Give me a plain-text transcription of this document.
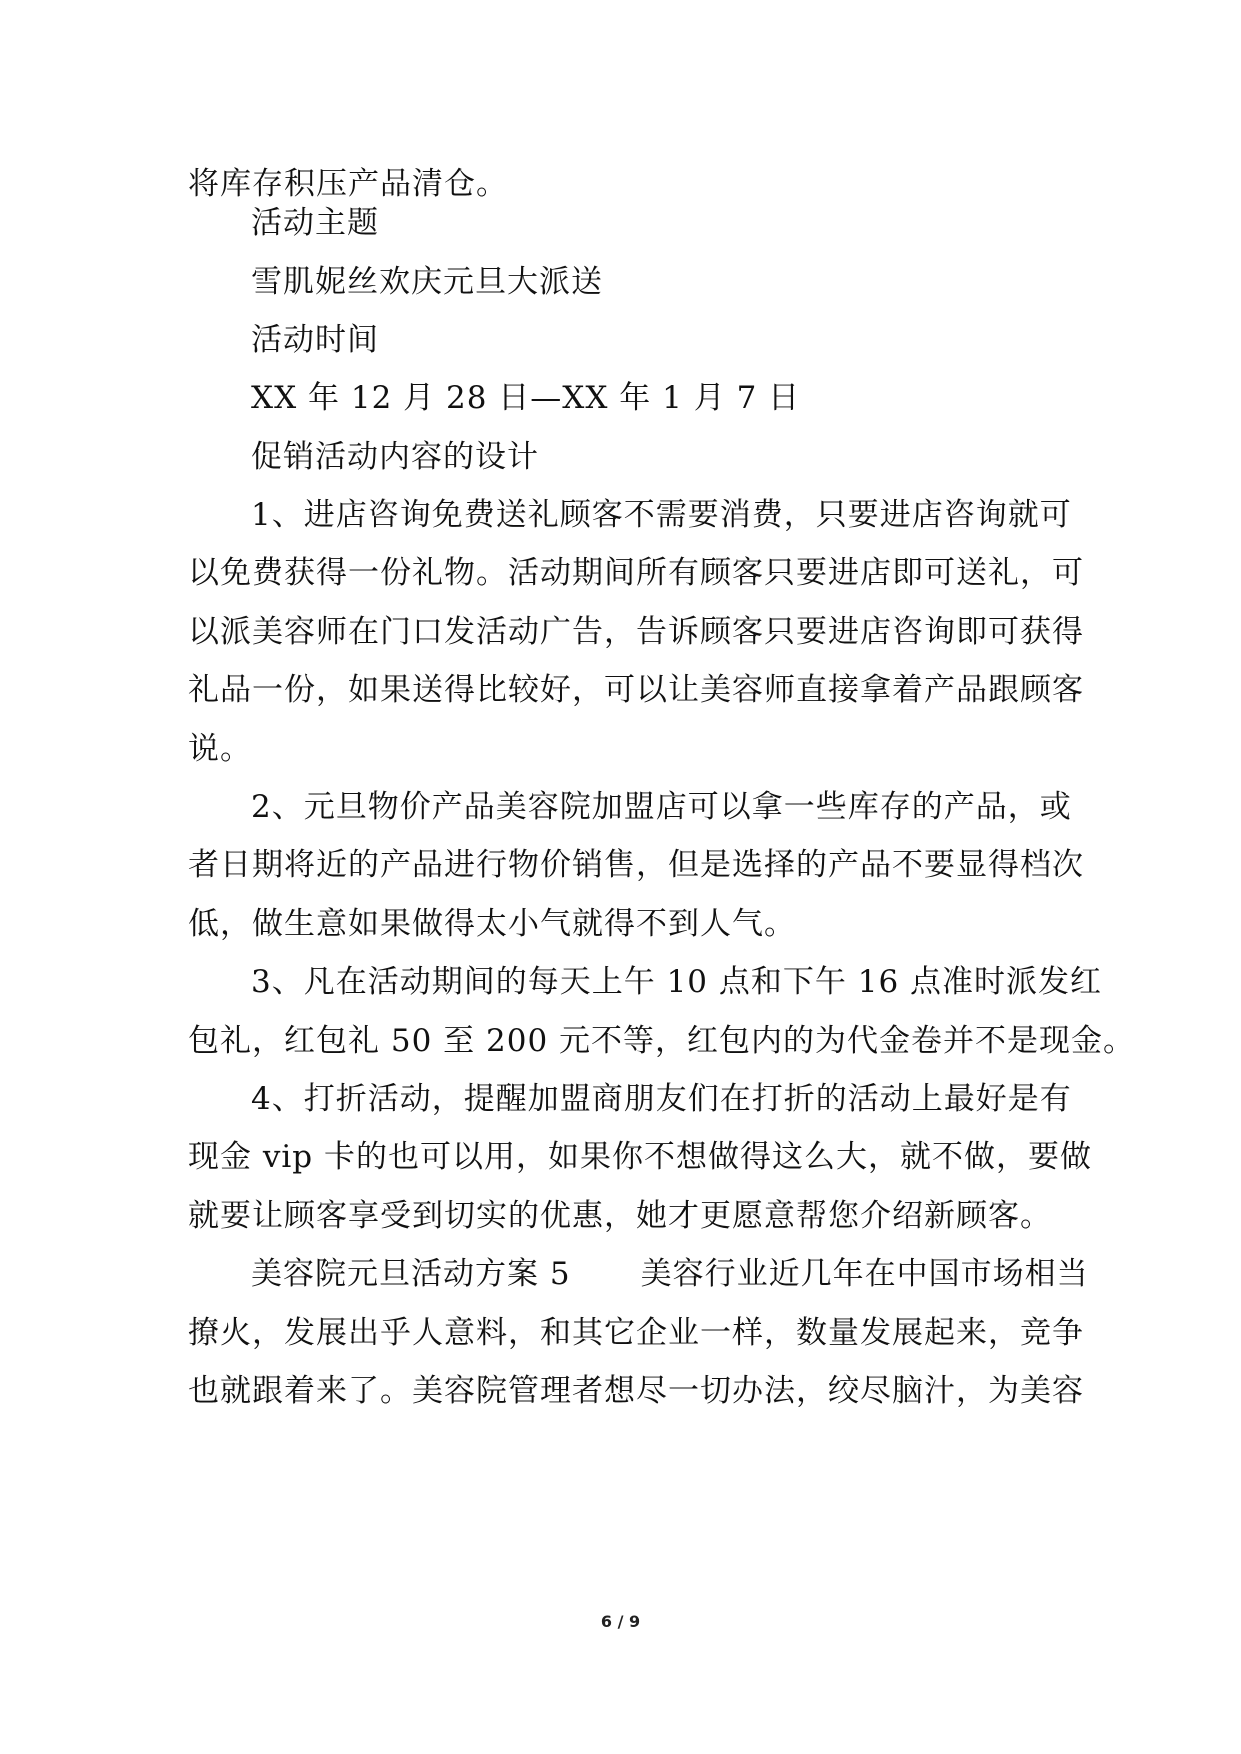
将库存积压产品清仓。
活动主题
雪肌妮丝欢庆元旦大派送
活动时间
XX 年 12 月 28 日—XX 年 1 月 7 日
促销活动内容的设计
1、进店咨询免费送礼顾客不需要消费，只要进店咨询就可
以免费获得一份礼物。活动期间所有顾客只要进店即可送礼，可
以派美容师在门口发活动广告，告诉顾客只要进店咨询即可获得
礼品一份，如果送得比较好，可以让美容师直接拿着产品跟顾客
说。
2、元旦物价产品美容院加盟店可以拿一些库存的产品，或
者日期将近的产品进行物价销售，但是选择的产品不要显得档次
低，做生意如果做得太小气就得不到人气。
3、凡在活动期间的每天上午 10 点和下午 16 点准时派发红
包礼，红包礼 50 至 200 元不等，红包内的为代金卷并不是现金。
4、打折活动，提醒加盟商朋友们在打折的活动上最好是有
现金 vip 卡的也可以用，如果你不想做得这么大，就不做，要做
就要让顾客享受到切实的优惠，她才更愿意帮您介绍新顾客。
美容院元旦活动方案 5 美容行业近几年在中国市场相当
撩火，发展出乎人意料，和其它企业一样，数量发展起来，竞争
也就跟着来了。美容院管理者想尽一切办法，绞尽脑汁，为美容
6 / 9
